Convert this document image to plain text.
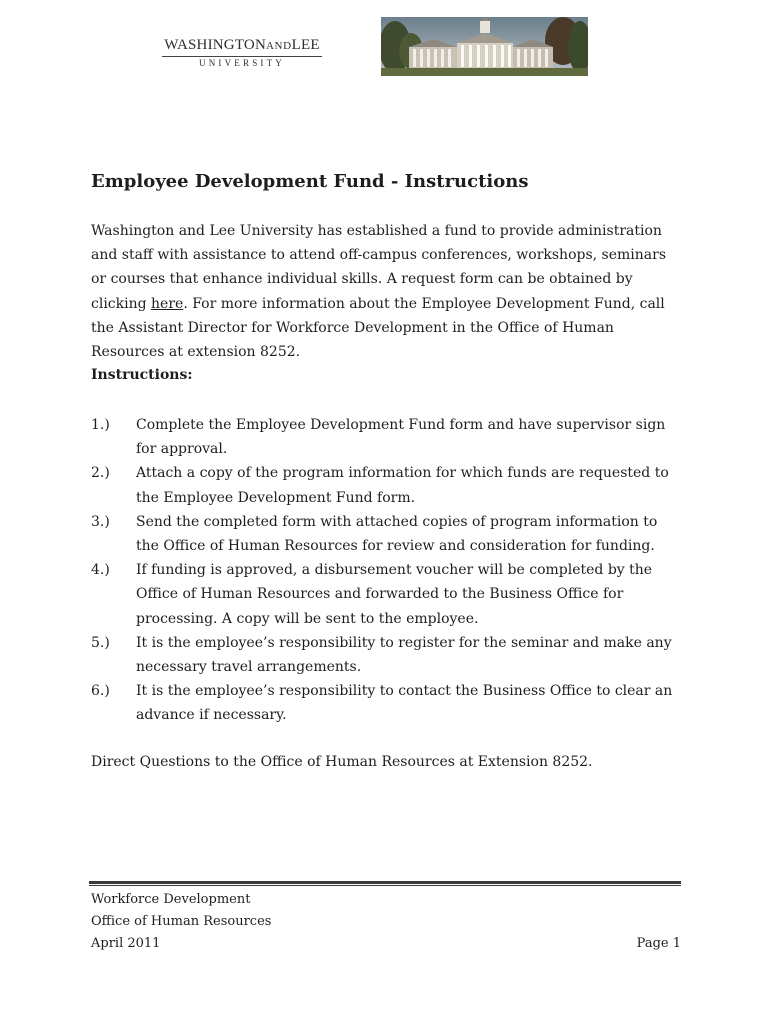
WASHINGTONANDLEE
UNIVERSITY
Employee Development Fund - Instructions

Washington and Lee University has established a fund to provide administration and staff with assistance to attend off-campus conferences, workshops, seminars or courses that enhance individual skills. A request form can be obtained by clicking here. For more information about the Employee Development Fund, call the Assistant Director for Workforce Development in the Office of Human Resources at extension 8252.

Instructions:
1.)	Complete the Employee Development Fund form and have supervisor sign for approval.
2.)	Attach a copy of the program information for which funds are requested to the Employee Development Fund form.
3.)	Send the completed form with attached copies of program information to the Office of Human Resources for review and consideration for funding.
4.)	If funding is approved, a disbursement voucher will be completed by the Office of Human Resources and forwarded to the Business Office for processing. A copy will be sent to the employee.
5.)	It is the employee’s responsibility to register for the seminar and make any necessary travel arrangements.
6.)	It is the employee’s responsibility to contact the Business Office to clear an advance if necessary.

Direct Questions to the Office of Human Resources at Extension 8252.

Workforce Development
Office of Human Resources
April 2011	Page 1
